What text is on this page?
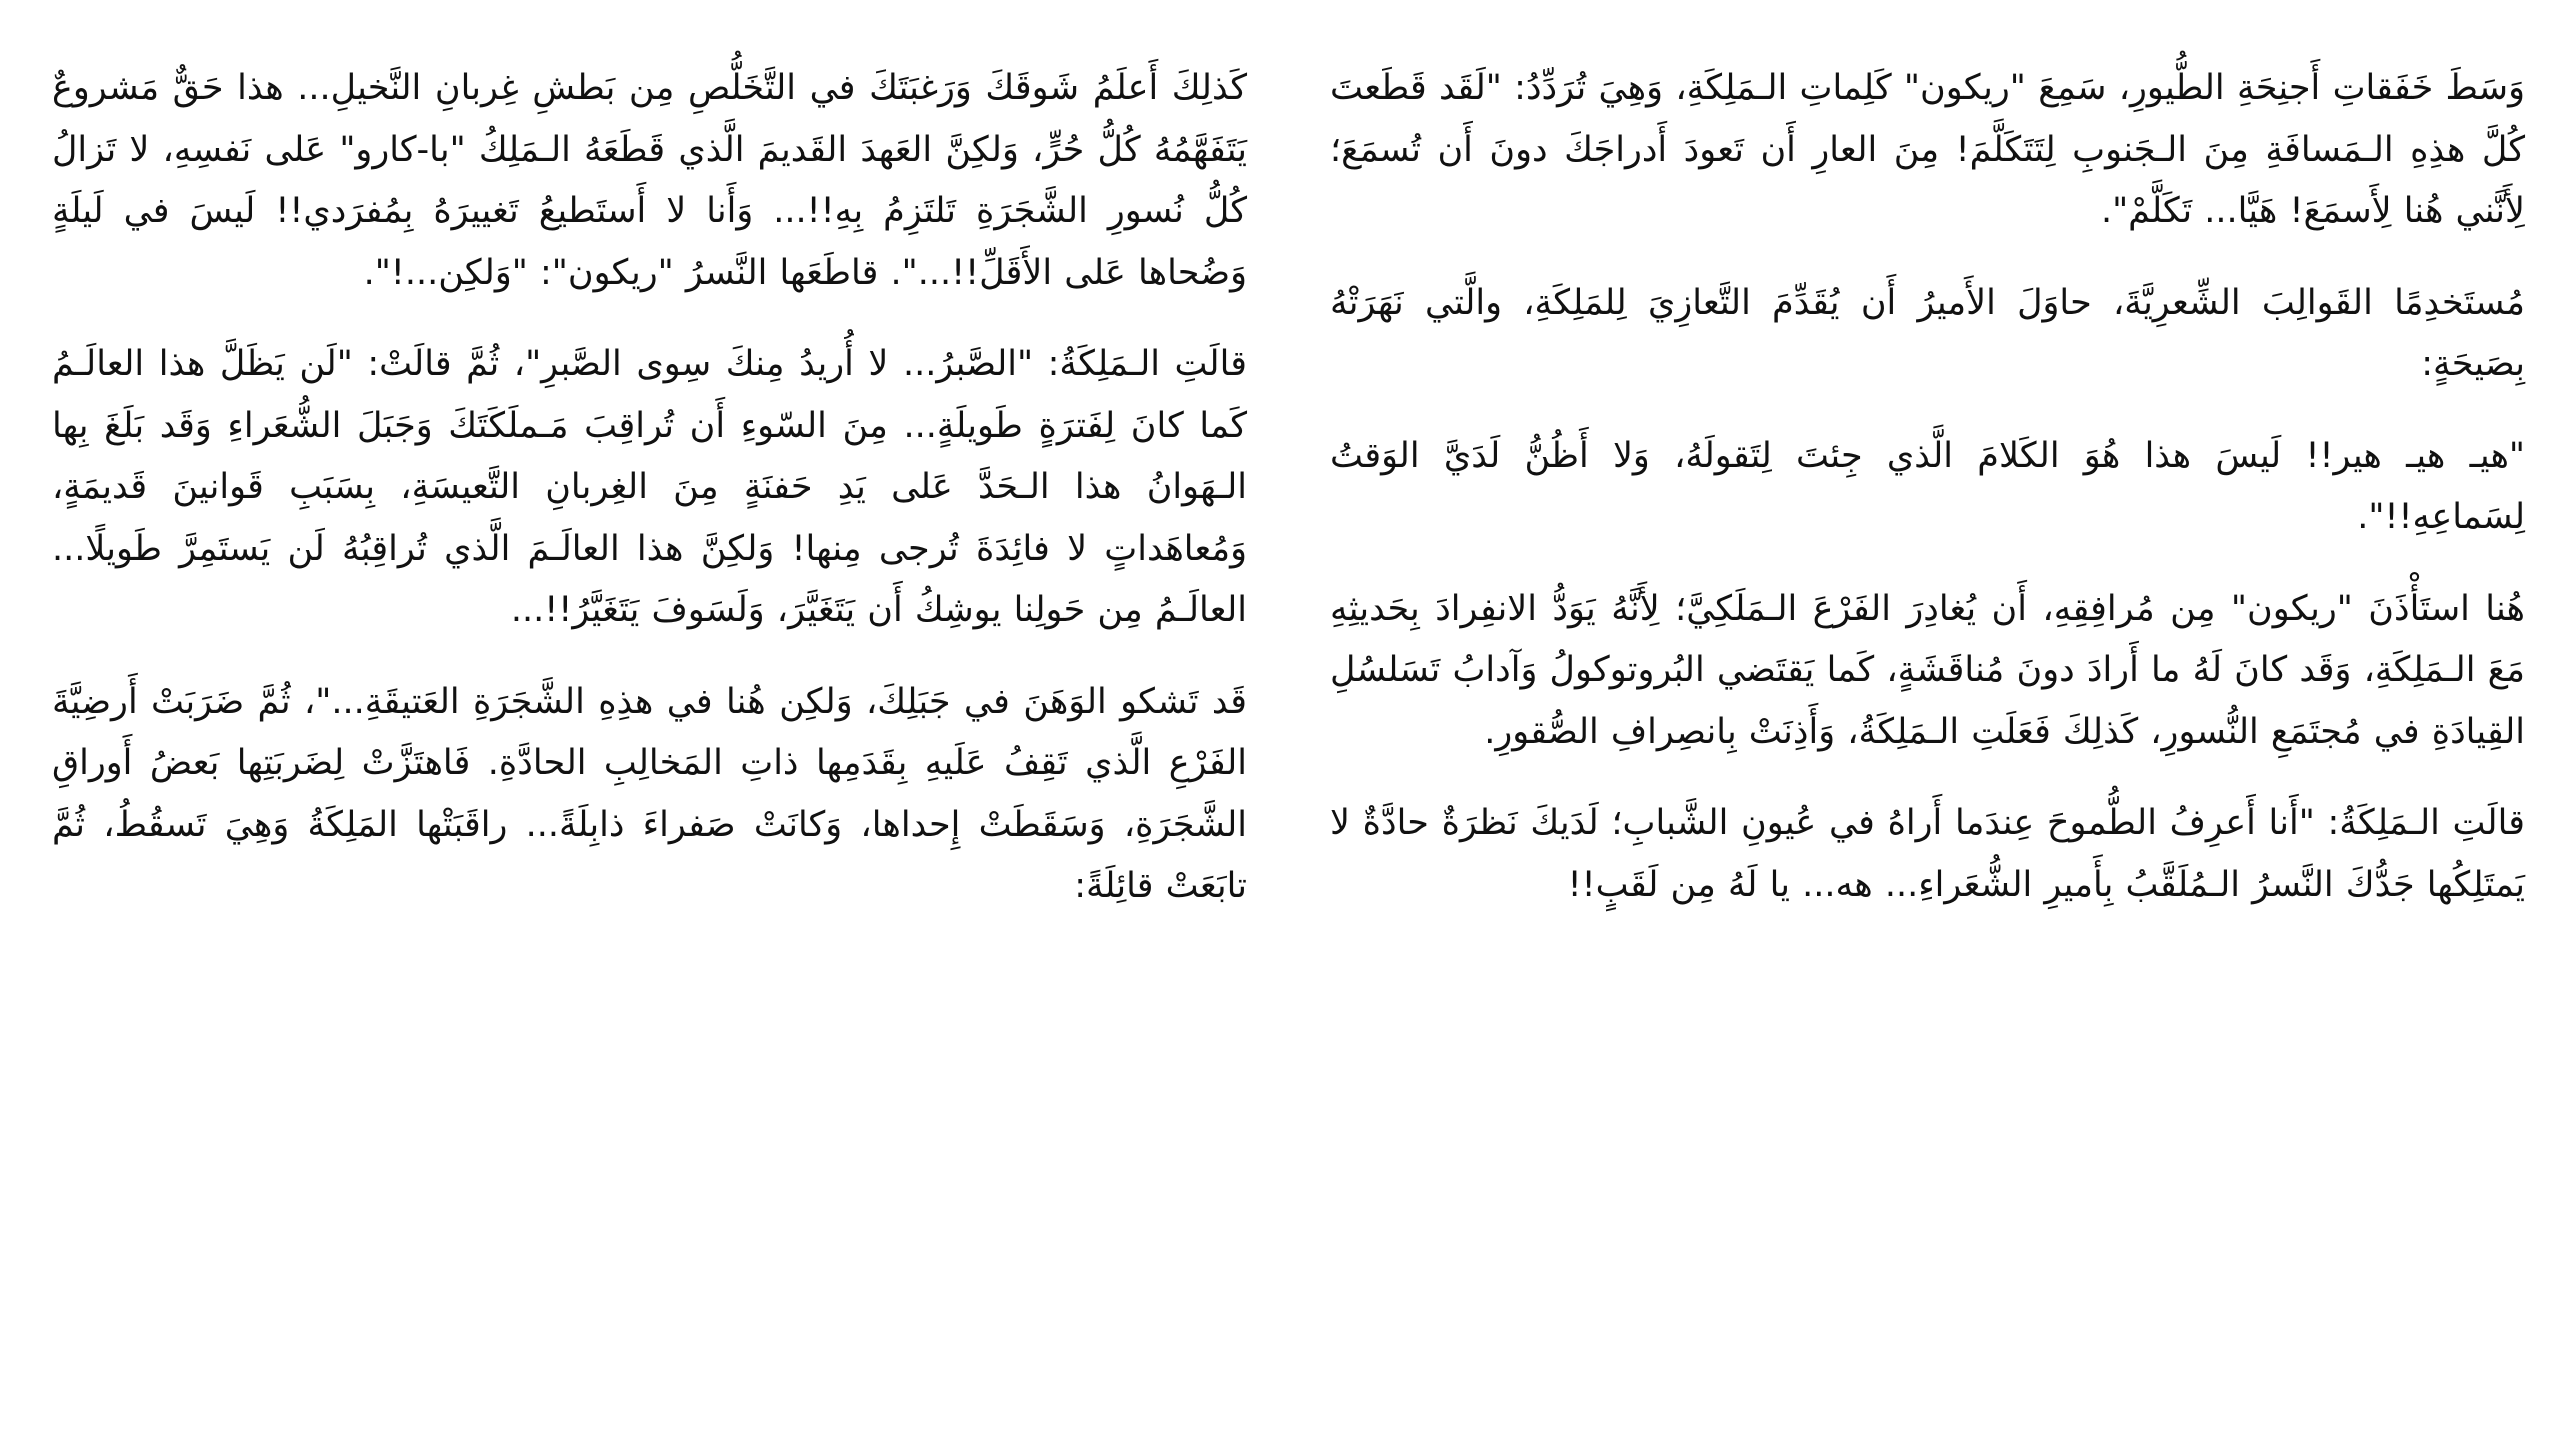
وَسَطَ خَفَقاتِ أَجنِحَةِ الطُّيورِ، سَمِعَ "ريكون" كَلِماتِ الـمَلِكَةِ، وَهِيَ تُرَدِّدُ: "لَقَد قَطَعتَ كُلَّ هذِهِ الـمَسافَةِ مِنَ الـجَنوبِ لِتَتَكَلَّمَ! مِنَ العارِ أَن تَعودَ أَدراجَكَ دونَ أَن تُسمَعَ؛ لِأَنَّني هُنا لِأَسمَعَ! هَيَّا... تَكَلَّمْ".

مُستَخدِمًا القَوالِبَ الشِّعرِيَّةَ، حاوَلَ الأَميرُ أَن يُقَدِّمَ التَّعازِيَ لِلمَلِكَةِ، والَّتي نَهَرَتْهُ بِصَيحَةٍ:

"هيـ هيـ هير!! لَيسَ هذا هُوَ الكَلامَ الَّذي جِئتَ لِتَقولَهُ، وَلا أَظُنُّ لَدَيَّ الوَقتُ لِسَماعِهِ!!".

هُنا استَأْذَنَ "ريكون" مِن مُرافِقِهِ، أَن يُغادِرَ الفَرْعَ الـمَلَكِيَّ؛ لِأَنَّهُ يَوَدُّ الانفِرادَ بِحَديثِهِ مَعَ الـمَلِكَةِ، وَقَد كانَ لَهُ ما أَرادَ دونَ مُناقَشَةٍ، كَما يَقتَضي البُروتوكولُ وَآدابُ تَسَلسُلِ القِيادَةِ في مُجتَمَعِ النُّسورِ، كَذلِكَ فَعَلَتِ الـمَلِكَةُ، وَأَذِنَتْ بِانصِرافِ الصُّقورِ.

قالَتِ الـمَلِكَةُ: "أَنا أَعرِفُ الطُّموحَ عِندَما أَراهُ في عُيونِ الشَّبابِ؛ لَدَيكَ نَظرَةٌ حادَّةٌ لا يَمتَلِكُها جَدُّكَ النَّسرُ الـمُلَقَّبُ بِأَميرِ الشُّعَراءِ... هه... يا لَهُ مِن لَقَبٍ!!

كَذلِكَ أَعلَمُ شَوقَكَ وَرَغبَتَكَ في التَّخَلُّصِ مِن بَطشِ غِربانِ النَّخيلِ... هذا حَقٌّ مَشروعٌ يَتَفَهَّمُهُ كُلُّ حُرٍّ، وَلكِنَّ العَهدَ القَديمَ الَّذي قَطَعَهُ الـمَلِكُ "با-كارو" عَلى نَفسِهِ، لا تَزالُ كُلُّ نُسورِ الشَّجَرَةِ تَلتَزِمُ بِهِ!!... وَأَنا لا أَستَطيعُ تَغييرَهُ بِمُفرَدي!! لَيسَ في لَيلَةٍ وَضُحاها عَلى الأَقَلِّ!!...". قاطَعَها النَّسرُ "ريكون": "وَلكِن...!".

قالَتِ الـمَلِكَةُ: "الصَّبرُ... لا أُريدُ مِنكَ سِوى الصَّبرِ"، ثُمَّ قالَتْ: "لَن يَظَلَّ هذا العالَـمُ كَما كانَ لِفَترَةٍ طَويلَةٍ... مِنَ السّوءِ أَن تُراقِبَ مَـملَكَتَكَ وَجَبَلَ الشُّعَراءِ وَقَد بَلَغَ بِها الـهَوانُ هذا الـحَدَّ عَلى يَدِ حَفنَةٍ مِنَ الغِربانِ التَّعيسَةِ، بِسَبَبِ قَوانينَ قَديمَةٍ، وَمُعاهَداتٍ لا فائِدَةَ تُرجى مِنها! وَلكِنَّ هذا العالَـمَ الَّذي تُراقِبُهُ لَن يَستَمِرَّ طَويلًا... العالَـمُ مِن حَولِنا يوشِكُ أَن يَتَغَيَّرَ، وَلَسَوفَ يَتَغَيَّرُ!!...

قَد تَشكو الوَهَنَ في جَبَلِكَ، وَلكِن هُنا في هذِهِ الشَّجَرَةِ العَتيقَةِ..."، ثُمَّ ضَرَبَتْ أَرضِيَّةَ الفَرْعِ الَّذي تَقِفُ عَلَيهِ بِقَدَمِها ذاتِ المَخالِبِ الحادَّةِ. فَاهتَزَّتْ لِضَربَتِها بَعضُ أَوراقِ الشَّجَرَةِ، وَسَقَطَتْ إِحداها، وَكانَتْ صَفراءَ ذابِلَةً... راقَبَتْها المَلِكَةُ وَهِيَ تَسقُطُ، ثُمَّ تابَعَتْ قائِلَةً:
